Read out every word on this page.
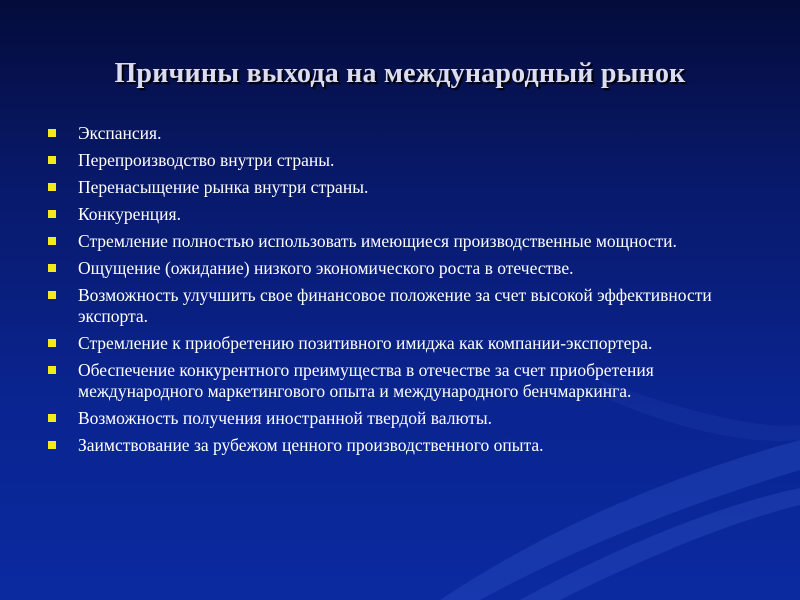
Причины выхода на международный рынок
Экспансия.
Перепроизводство внутри страны.
Перенасыщение рынка внутри страны.
Конкуренция.
Стремление полностью использовать имеющиеся производственные мощности.
Ощущение (ожидание) низкого экономического роста в отечестве.
Возможность улучшить свое финансовое положение за счет высокой эффективности экспорта.
Стремление к приобретению позитивного имиджа как компании-экспортера.
Обеспечение конкурентного преимущества в отечестве за счет приобретения международного маркетингового опыта и международного бенчмаркинга.
Возможность получения иностранной твердой валюты.
Заимствование за рубежом ценного производственного опыта.
